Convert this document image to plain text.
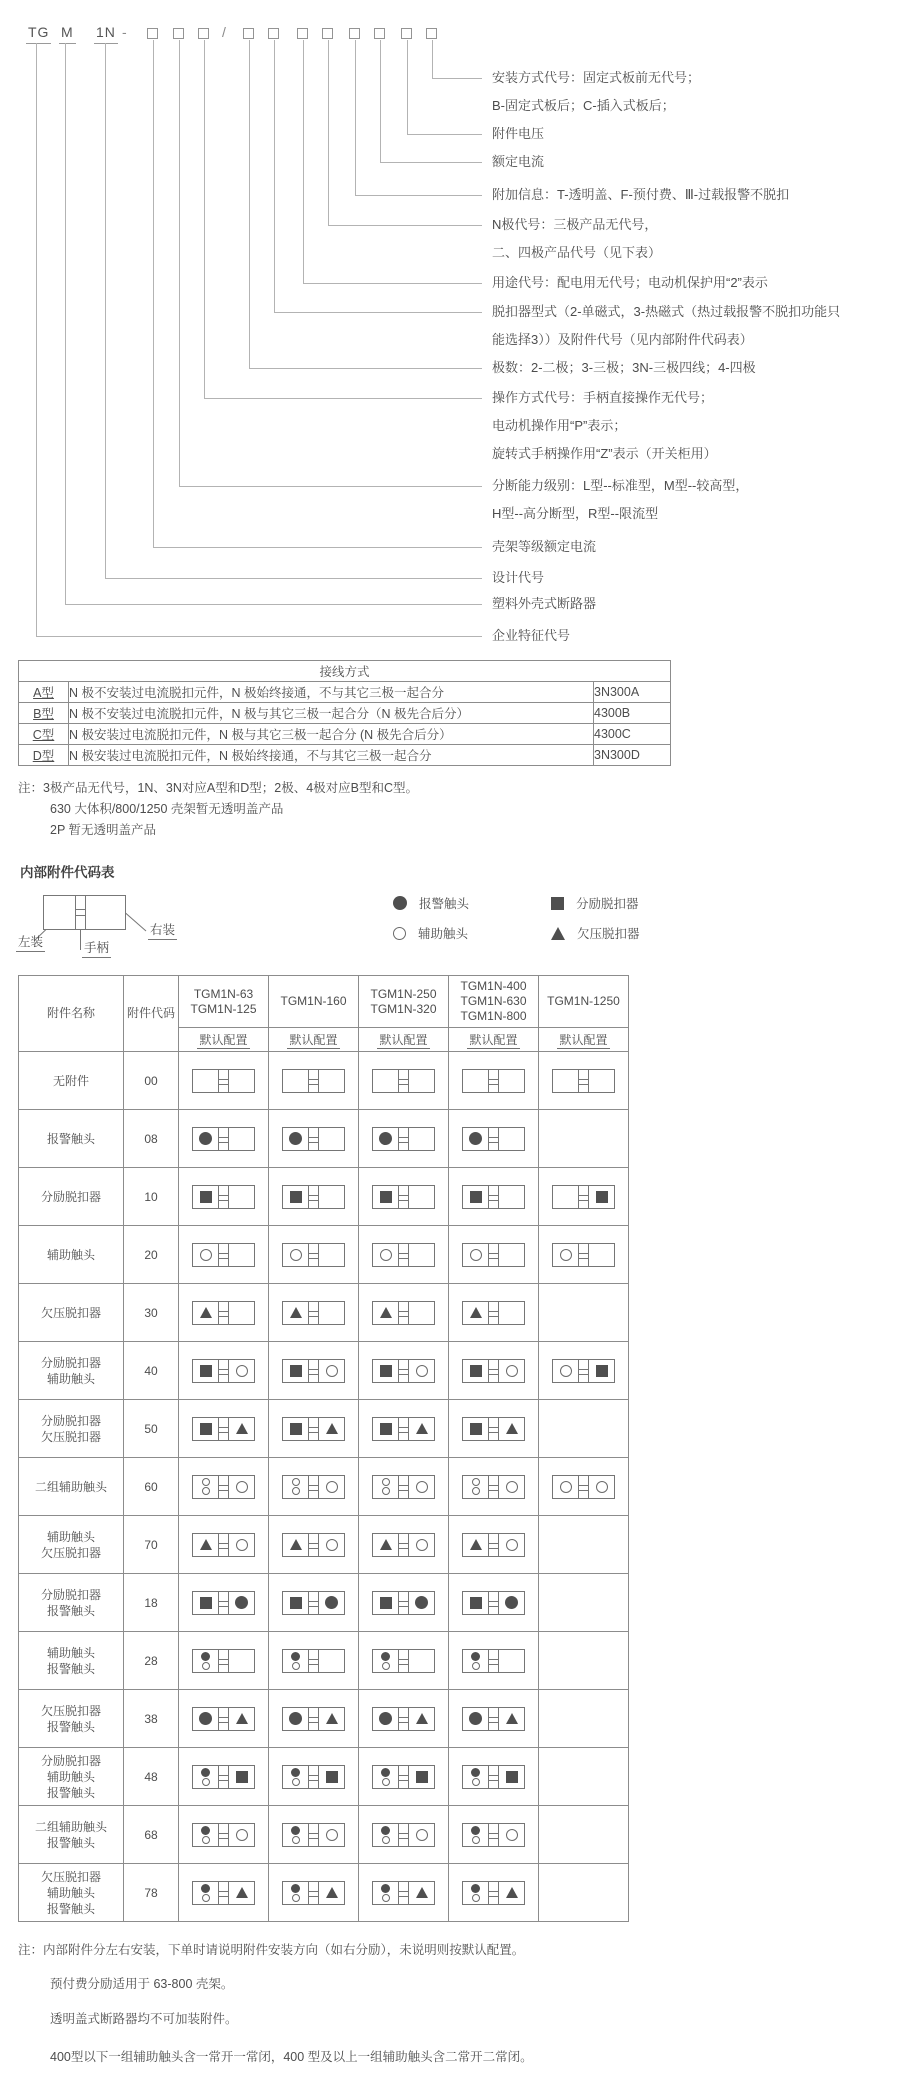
TG
企业特征代号
M
塑料外壳式断路器
1N
设计代号
-
壳架等级额定电流
分断能力级别：L型--标准型，M型--较高型，
H型--高分断型，R型--限流型
操作方式代号：手柄直接操作无代号；
电动机操作用“P”表示；
旋转式手柄操作用“Z”表示（开关柜用）
/
极数：2-二极；3-三极；3N-三极四线；4-四极
脱扣器型式（2-单磁式，3-热磁式（热过载报警不脱扣功能只
能选择3））及附件代号（见内部附件代码表）
用途代号：配电用无代号；电动机保护用“2”表示
N极代号：三极产品无代号，
二、四极产品代号（见下表）
附加信息：T-透明盖、F-预付费、Ⅲ-过载报警不脱扣
额定电流
附件电压
安装方式代号：固定式板前无代号；
B-固定式板后；C-插入式板后；
接线方式		
A型	N 极不安装过电流脱扣元件，N 极始终接通，不与其它三极一起合分	3N300A
B型	N 极不安装过电流脱扣元件，N 极与其它三极一起合分（N 极先合后分）	4300B
C型	N 极安装过电流脱扣元件，N 极与其它三极一起合分 (N 极先合后分）	4300C
D型	N 极安装过电流脱扣元件，N 极始终接通，不与其它三极一起合分	3N300D
内部附件代码表
左装	手柄
右装
报警触头	分励脱扣器
辅助触头	欠压脱扣器
附件名称	附件代码	
TGM1N-63
TGM1N-125

TGM1N-160

TGM1N-250
TGM1N-320

TGM1N-400
TGM1N-630
TGM1N-800

TGM1N-1250

		默认配置	默认配置	默认配置	默认配置	默认配置

无附件	00	

报警触头	08	

分励脱扣器	10	

辅助触头	20	

欠压脱扣器	30	

分励脱扣器
辅助触头	40	

分励脱扣器
欠压脱扣器	50	

二组辅助触头	60	

辅助触头
欠压脱扣器	70	

分励脱扣器
报警触头	18	

辅助触头
报警触头	28	

欠压脱扣器
报警触头	38	

分励脱扣器
辅助触头
报警触头	48	

二组辅助触头
报警触头	68	

欠压脱扣器
辅助触头
报警触头	78	

注：3极产品无代号，1N、3N对应A型和D型；2极、4极对应B型和C型。
630 大体积/800/1250 壳架暂无透明盖产品
2P 暂无透明盖产品
注：内部附件分左右安装，下单时请说明附件安装方向（如右分励），未说明则按默认配置。
预付费分励适用于 63-800 壳架。
透明盖式断路器均不可加装附件。
400型以下一组辅助触头含一常开一常闭，400 型及以上一组辅助触头含二常开二常闭。
